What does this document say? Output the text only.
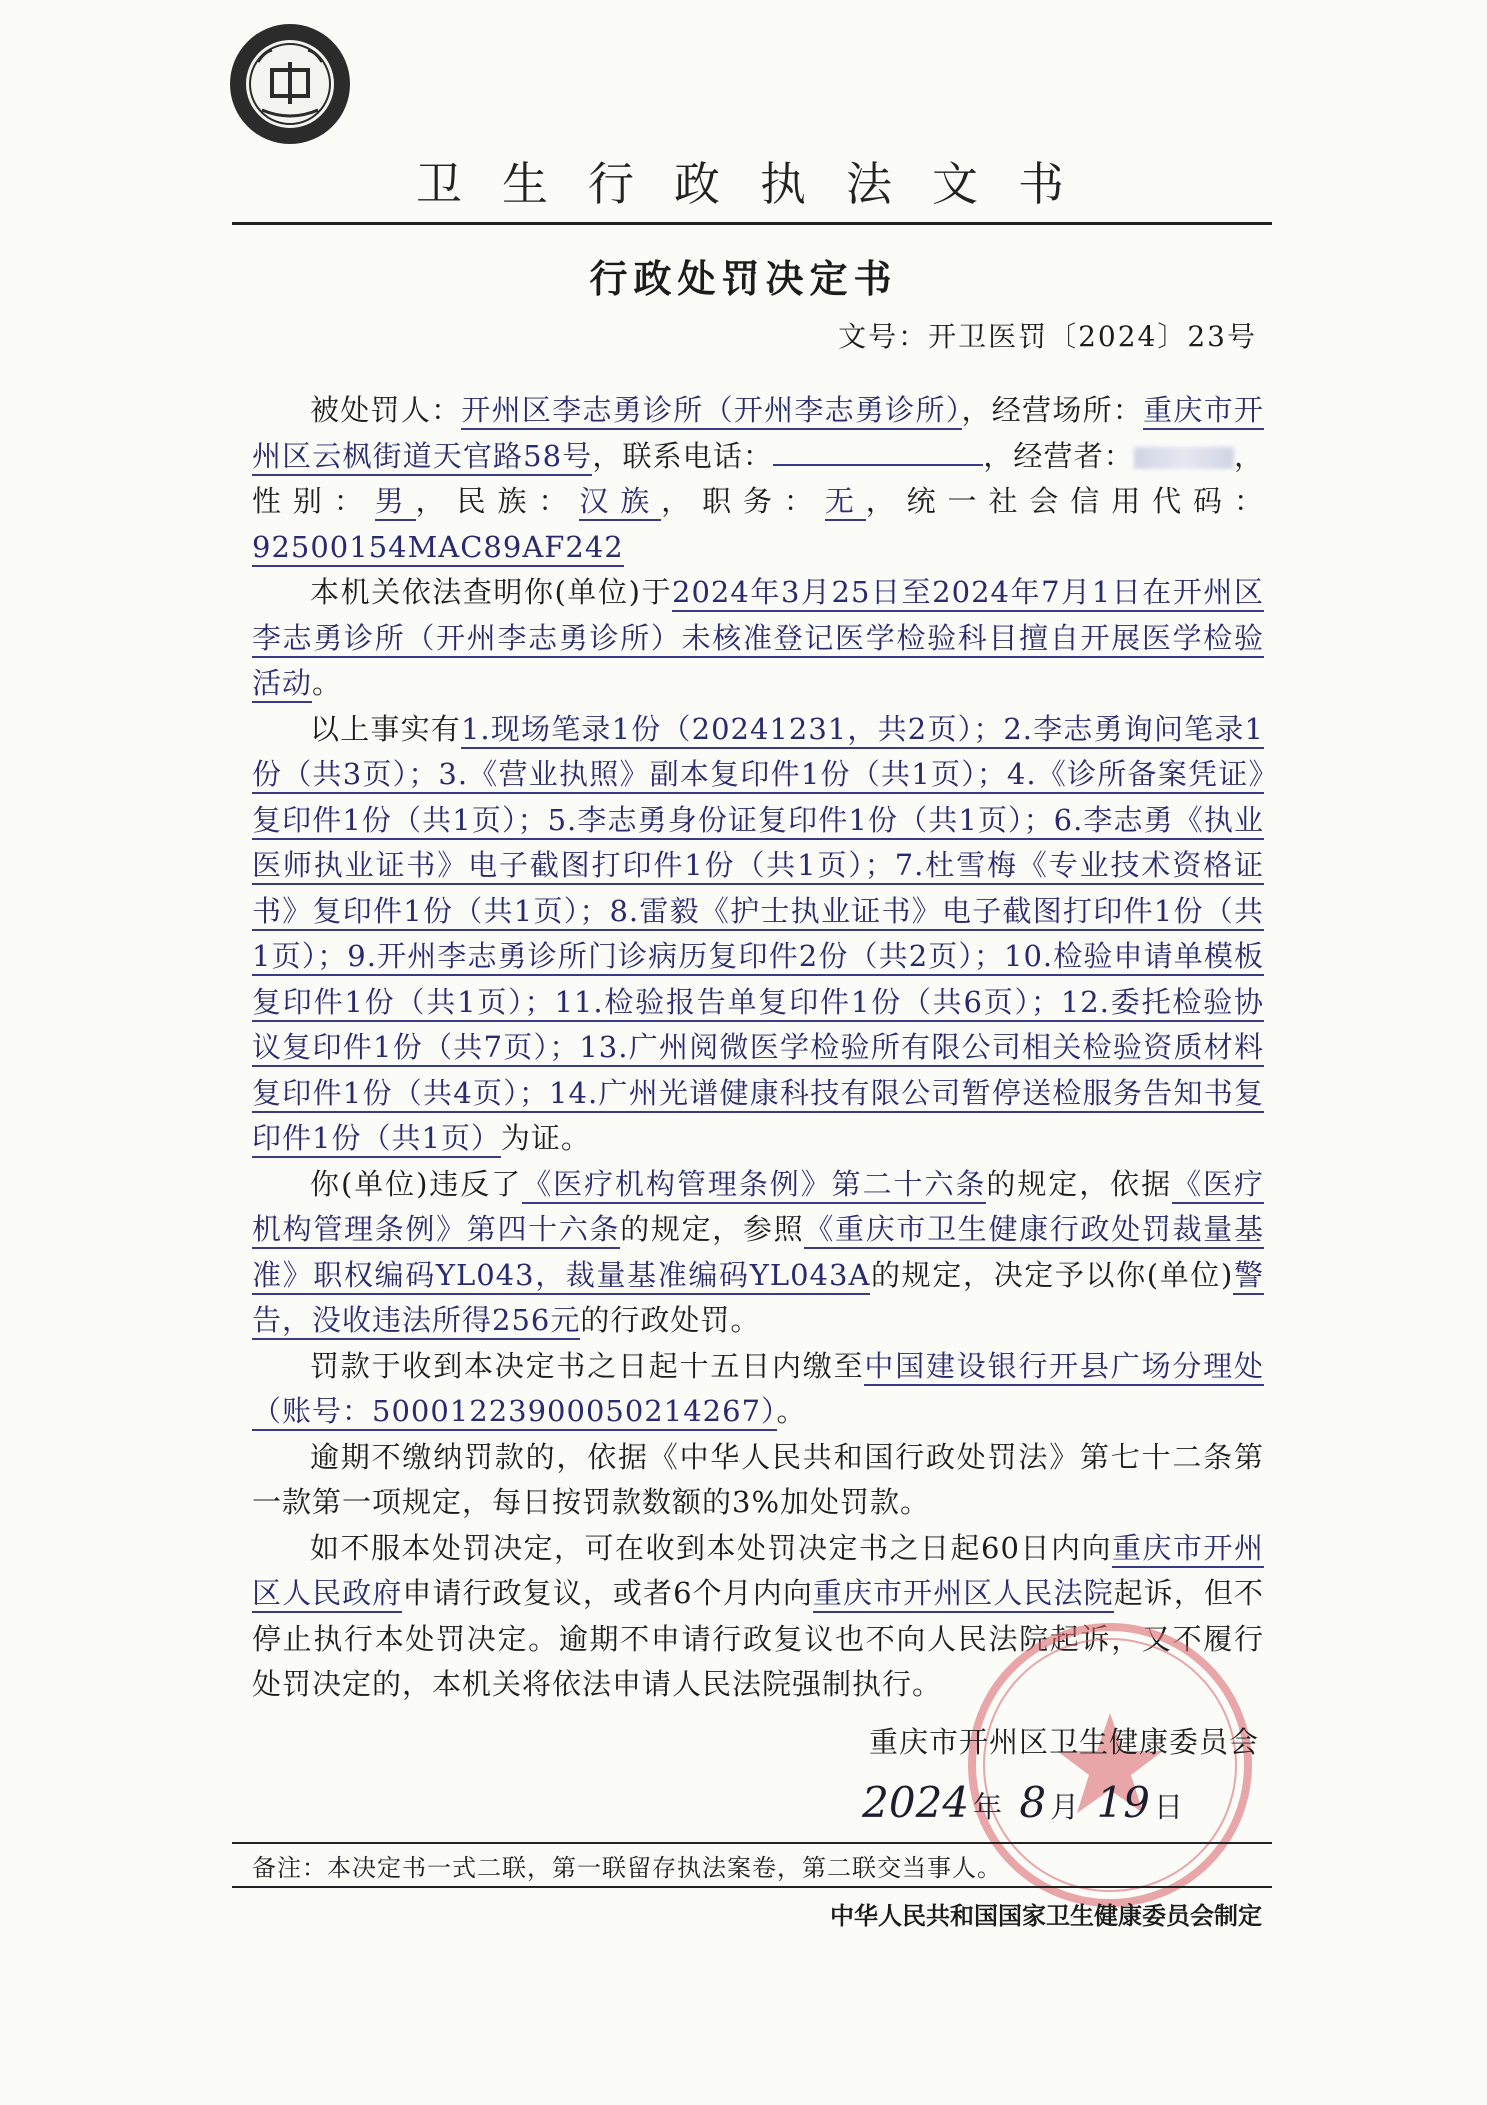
卫生行政执法文书
行政处罚决定书
文号：开卫医罚〔2024〕23号

被处罚人：开州区李志勇诊所（开州李志勇诊所），经营场所：重庆市开州区云枫街道天官路58号，联系电话：	，经营者：	，性别：男，民族：汉族，职务：无，统一社会信用代码：92500154MAC89AF242

本机关依法查明你(单位)于2024年3月25日至2024年7月1日在开州区李志勇诊所（开州李志勇诊所）未核准登记医学检验科目擅自开展医学检验活动。

以上事实有1.现场笔录1份（20241231，共2页）；2.李志勇询问笔录1份（共3页）；3.《营业执照》副本复印件1份（共1页）；4.《诊所备案凭证》复印件1份（共1页）；5.李志勇身份证复印件1份（共1页）；6.李志勇《执业医师执业证书》电子截图打印件1份（共1页）；7.杜雪梅《专业技术资格证书》复印件1份（共1页）；8.雷毅《护士执业证书》电子截图打印件1份（共1页）；9.开州李志勇诊所门诊病历复印件2份（共2页）；10.检验申请单模板复印件1份（共1页）；11.检验报告单复印件1份（共6页）；12.委托检验协议复印件1份（共7页）；13.广州阅微医学检验所有限公司相关检验资质材料复印件1份（共4页）；14.广州光谱健康科技有限公司暂停送检服务告知书复印件1份（共1页）为证。

你(单位)违反了《医疗机构管理条例》第二十六条的规定，依据《医疗机构管理条例》第四十六条的规定，参照《重庆市卫生健康行政处罚裁量基准》职权编码YL043，裁量基准编码YL043A的规定，决定予以你(单位)警告，没收违法所得256元的行政处罚。

罚款于收到本决定书之日起十五日内缴至中国建设银行开县广场分理处（账号：50001223900050214267）。

逾期不缴纳罚款的，依据《中华人民共和国行政处罚法》第七十二条第一款第一项规定，每日按罚款数额的3%加处罚款。

如不服本处罚决定，可在收到本处罚决定书之日起60日内向重庆市开州区人民政府申请行政复议，或者6个月内向重庆市开州区人民法院起诉，但不停止执行本处罚决定。逾期不申请行政复议也不向人民法院起诉，又不履行处罚决定的，本机关将依法申请人民法院强制执行。

重庆市开州区卫生健康委员会
2024 年 8 月 19 日
备注：本决定书一式二联，第一联留存执法案卷，第二联交当事人。
中华人民共和国国家卫生健康委员会制定
